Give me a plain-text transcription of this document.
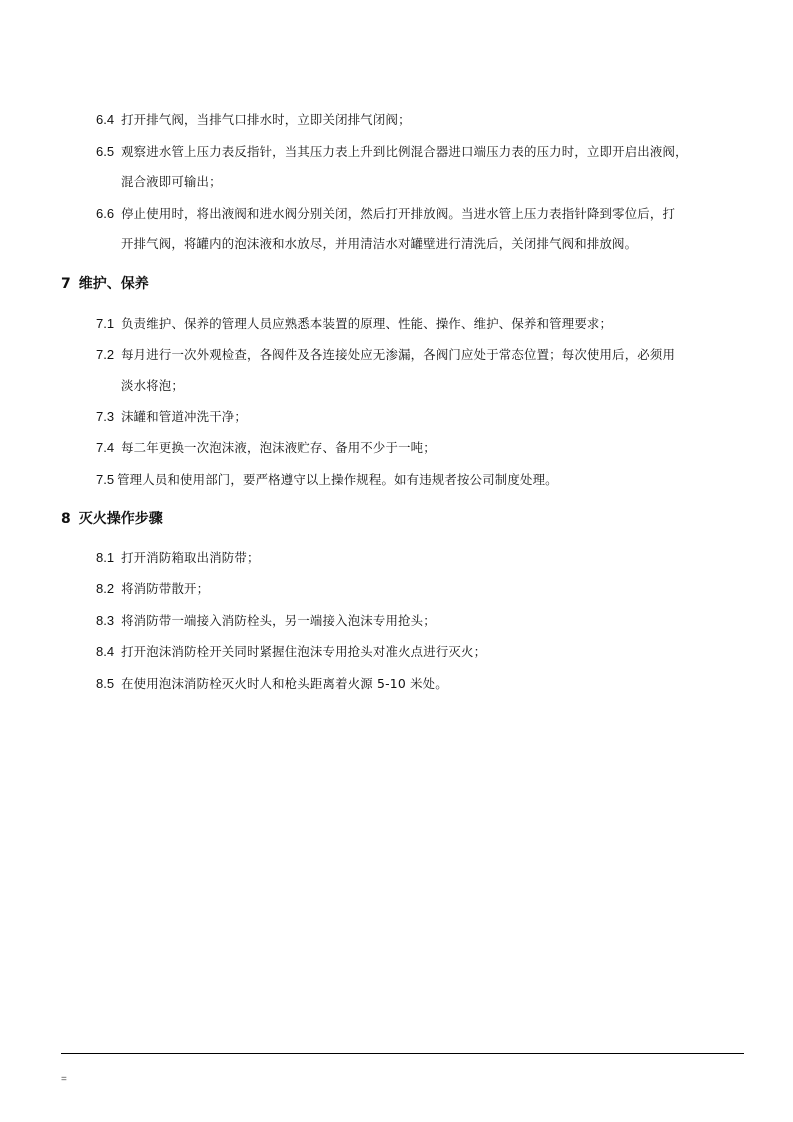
6.4 打开排气阀，当排气口排水时，立即关闭排气闭阀；
6.5 观察进水管上压力表反指针，当其压力表上升到比例混合器进口端压力表的压力时，立即开启出液阀，
混合液即可输出；
6.6 停止使用时，将出液阀和进水阀分别关闭，然后打开排放阀。当进水管上压力表指针降到零位后，打
开排气阀，将罐内的泡沫液和水放尽，并用清洁水对罐壁进行清洗后，关闭排气阀和排放阀。
7 维护、保养
7.1 负责维护、保养的管理人员应熟悉本装置的原理、性能、操作、维护、保养和管理要求；
7.2 每月进行一次外观检查，各阀件及各连接处应无渗漏，各阀门应处于常态位置；每次使用后，必须用
淡水将泡；
7.3 沫罐和管道冲洗干净；
7.4 每二年更换一次泡沫液，泡沫液贮存、备用不少于一吨；
7.5 管理人员和使用部门，要严格遵守以上操作规程。如有违规者按公司制度处理。
8 灭火操作步骤
8.1 打开消防箱取出消防带；
8.2 将消防带散开；
8.3 将消防带一端接入消防栓头，另一端接入泡沫专用抢头；
8.4 打开泡沫消防栓开关同时紧握住泡沫专用抢头对准火点进行灭火；
8.5 在使用泡沫消防栓灭火时人和枪头距离着火源 5-10 米处。
=
